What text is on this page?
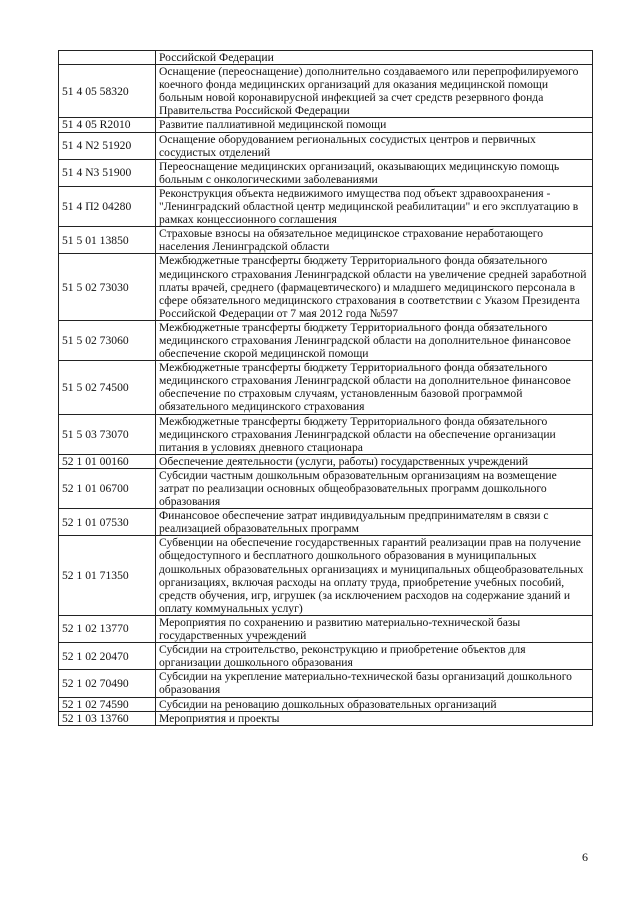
	Российской Федерации
51 4 05 58320	Оснащение (переоснащение) дополнительно создаваемого или перепрофилируемого коечного фонда медицинских организаций для оказания медицинской помощи больным новой коронавирусной инфекцией за счет средств резервного фонда Правительства Российской Федерации
51 4 05 R2010	Развитие паллиативной медицинской помощи
51 4 N2 51920	Оснащение оборудованием региональных сосудистых центров и первичных сосудистых отделений
51 4 N3 51900	Переоснащение медицинских организаций, оказывающих медицинскую помощь больным с онкологическими заболеваниями
51 4 П2 04280	Реконструкция объекта недвижимого имущества под объект здравоохранения - "Ленинградский областной центр медицинской реабилитации" и его эксплуатацию в рамках концессионного соглашения
51 5 01 13850	Страховые взносы на обязательное медицинское страхование неработающего населения Ленинградской области
51 5 02 73030	Межбюджетные трансферты бюджету Территориального фонда обязательного медицинского страхования Ленинградской области на увеличение средней заработной платы врачей, среднего (фармацевтического) и младшего медицинского персонала в сфере обязательного медицинского страхования в соответствии с Указом Президента Российской Федерации от 7 мая 2012 года №597
51 5 02 73060	Межбюджетные трансферты бюджету Территориального фонда обязательного медицинского страхования Ленинградской области на дополнительное финансовое обеспечение скорой медицинской помощи
51 5 02 74500	Межбюджетные трансферты бюджету Территориального фонда обязательного медицинского страхования Ленинградской области на дополнительное финансовое обеспечение по страховым случаям, установленным базовой программой обязательного медицинского страхования
51 5 03 73070	Межбюджетные трансферты бюджету Территориального фонда обязательного медицинского страхования Ленинградской области на обеспечение организации питания в условиях дневного стационара
52 1 01 00160	Обеспечение деятельности (услуги, работы) государственных учреждений
52 1 01 06700	Субсидии частным дошкольным образовательным организациям на возмещение затрат по реализации основных общеобразовательных программ дошкольного образования
52 1 01 07530	Финансовое обеспечение затрат индивидуальным предпринимателям в связи с реализацией образовательных программ
52 1 01 71350	Субвенции на обеспечение государственных гарантий реализации прав на получение общедоступного и бесплатного дошкольного образования в муниципальных дошкольных образовательных организациях и муниципальных общеобразовательных организациях, включая расходы на оплату труда, приобретение учебных пособий, средств обучения, игр, игрушек (за исключением расходов на содержание зданий и оплату коммунальных услуг)
52 1 02 13770	Мероприятия по сохранению и развитию материально-технической базы государственных учреждений
52 1 02 20470	Субсидии на строительство, реконструкцию и приобретение объектов для организации дошкольного образования
52 1 02 70490	Субсидии на укрепление материально-технической базы организаций дошкольного образования
52 1 02 74590	Субсидии на реновацию дошкольных образовательных организаций
52 1 03 13760	Мероприятия и проекты
6
